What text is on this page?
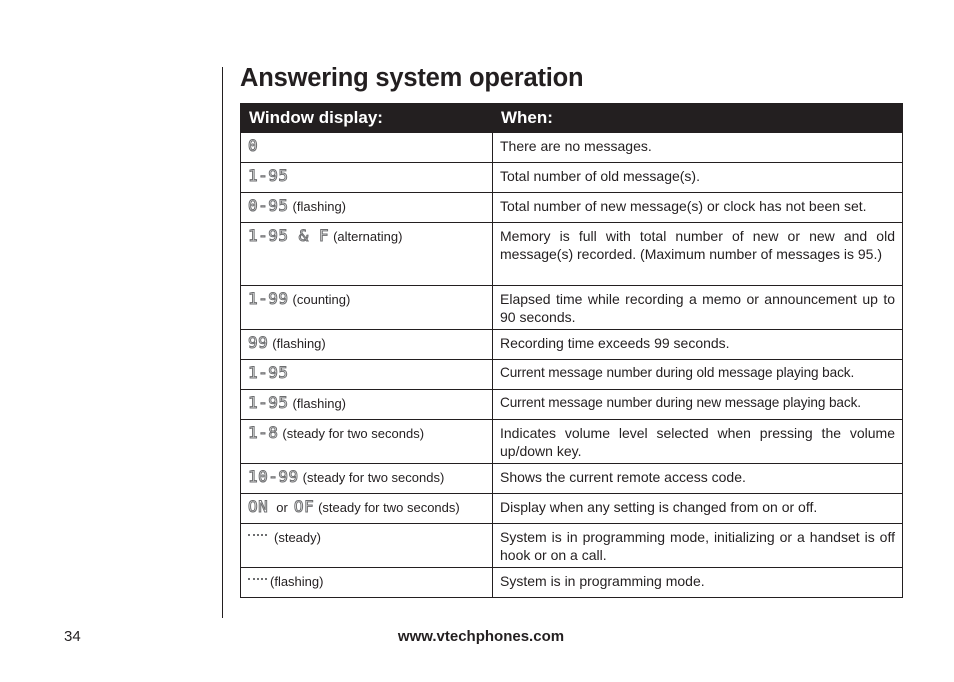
Answering system operation
Window display:	When:
0	There are no messages.
1-95	Total number of old message(s).
0-95 (flashing)	Total number of new message(s) or clock has not been set.
1-95 & F (alternating)	Memory is full with total number of new or new and old message(s) recorded. (Maximum number of messages is 95.)
1-99 (counting)	Elapsed time while recording a memo or announcement up to 90 seconds.
99 (flashing)	Recording time exceeds 99 seconds.
1-95	Current message number during old message playing back.
1-95 (flashing)	Current message number during new message playing back.
1-8 (steady for two seconds)	Indicates volume level selected when pressing the volume up/down key.
10-99 (steady for two seconds)	Shows the current remote access code.
ON or OF (steady for two seconds)	Display when any setting is changed from on or off.
(steady)	System is in programming mode, initializing or a handset is off hook or on a call.
(flashing)	System is in programming mode.
34	www.vtechphones.com
